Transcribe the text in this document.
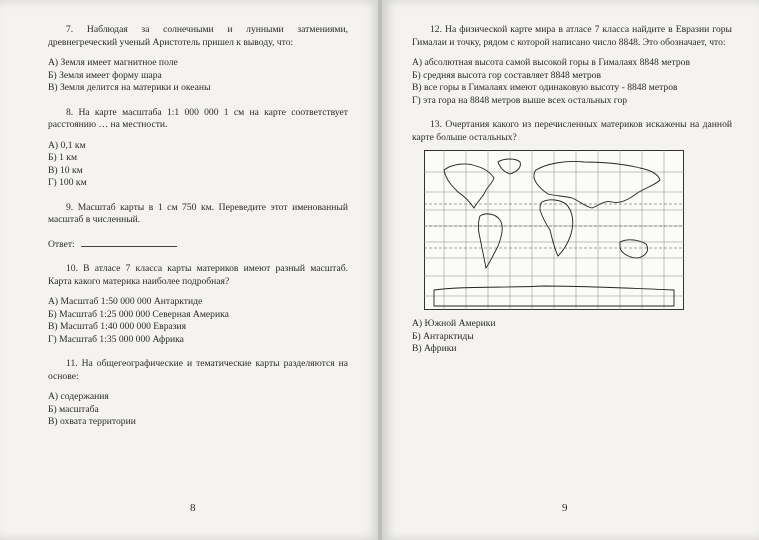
7. Наблюдая за солнечными и лунными затмениями, древнегреческий ученый Аристотель пришел к выводу, что:

А) Земля имеет магнитное поле
Б) Земля имеет форму шара
В) Земля делится на материки и океаны

8. На карте масштаба 1:1 000 000 1 см на карте соответствует расстоянию … на местности.

А) 0,1 км
Б) 1 км
В) 10 км
Г) 100 км

9. Масштаб карты в 1 см 750 км. Переведите этот именованный масштаб в численный.

Ответ:

10. В атласе 7 класса карты материков имеют разный масштаб. Карта какого материка наиболее подробная?

А) Масштаб 1:50 000 000 Антарктиде
Б) Масштаб 1:25 000 000 Северная Америка
В) Масштаб 1:40 000 000 Евразия
Г) Масштаб 1:35 000 000 Африка

11. На общегеографические и тематические карты разделяются на основе:

А) содержания
Б) масштаба
В) охвата территории
8

12. На физической карте мира в атласе 7 класса найдите в Евразии горы Гималаи и точку, рядом с которой написано число 8848. Это обозначает, что:

А) абсолютная высота самой высокой горы в Гималаях 8848 метров
Б) средняя высота гор составляет 8848 метров
В) все горы в Гималаях имеют одинаковую высоту - 8848 метров
Г) эта гора на 8848 метров выше всех остальных гор

13. Очертания какого из перечисленных материков искажены на данной карте больше остальных?

А) Южной Америки
Б) Антарктиды
В) Африки
9
